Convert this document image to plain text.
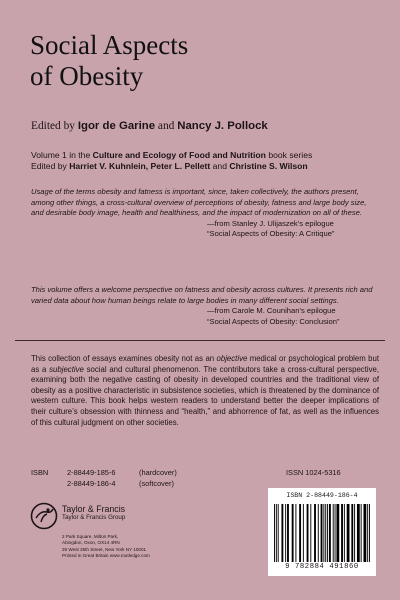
Social Aspects
of Obesity
Edited by Igor de Garine and Nancy J. Pollock
Volume 1 in the Culture and Ecology of Food and Nutrition book series
Edited by Harriet V. Kuhnlein, Peter L. Pellett and Christine S. Wilson
Usage of the terms obesity and fatness is important, since, taken collectively, the authors present, among other things, a cross-cultural overview of perceptions of obesity, fatness and large body size, and desirable body image, health and healthiness, and the impact of modernization on all of these.
—from Stanley J. Ulijaszek’s epilogue
“Social Aspects of Obesity: A Critique”
This volume offers a welcome perspective on fatness and obesity across cultures. It presents rich and varied data about how human beings relate to large bodies in many different social settings.
—from Carole M. Counihan’s epilogue
“Social Aspects of Obesity: Conclusion”
This collection of essays examines obesity not as an objective medical or psychological problem but as a subjective social and cultural phenomenon. The contributors take a cross-cultural perspective, examining both the negative casting of obesity in developed countries and the traditional view of obesity as a positive characteristic in subsistence societies, which is threatened by the dominance of western culture. This book helps western readers to understand better the deeper implications of their culture’s obsession with thinness and “health,” and abhorrence of fat, as well as the influences of this cultural judgment on other societies.
ISBN	2-88449-185-6	(hardcover)
2-88449-186-4	(softcover)
ISSN 1024-5316
Taylor & Francis
Taylor & Francis Group
2 Park Square, Milton Park,
Abingdon, Oxon, OX14 4RN
29 West 35th Street, New York NY 10001
Printed in Great Britain www.routledge.com
ISBN 2-88449-186-4
9 782884 491860
